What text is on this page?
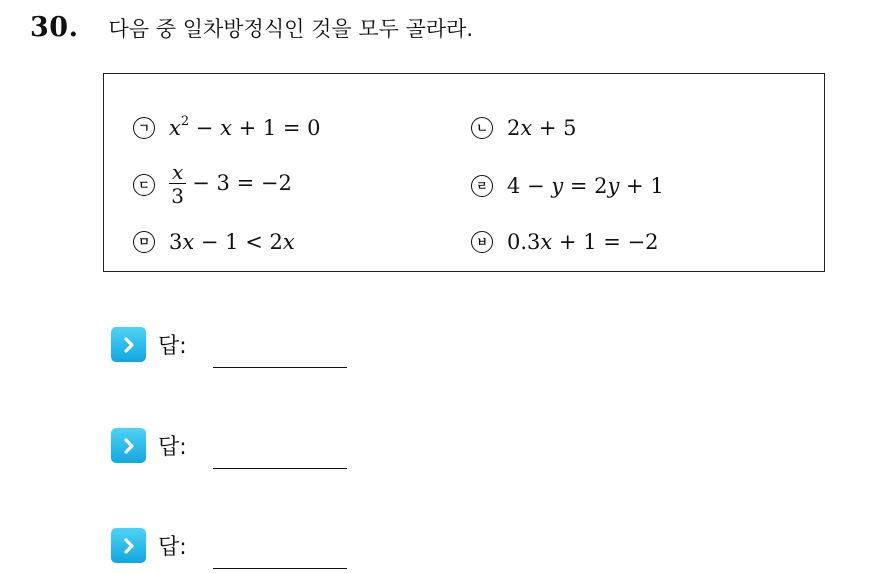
30. 다음 중 일차방정식인 것을 모두 골라라.
ㄱ $x^2 - x + 1 = 0$	ㄴ 2x + 5
ㄷ $\frac{x}{3} - 3 = -2$	ㄹ 4 − y = 2y + 1
ㅁ 3x − 1 < 2x	ㅂ 0.3x + 1 = −2
답:
답:
답:
